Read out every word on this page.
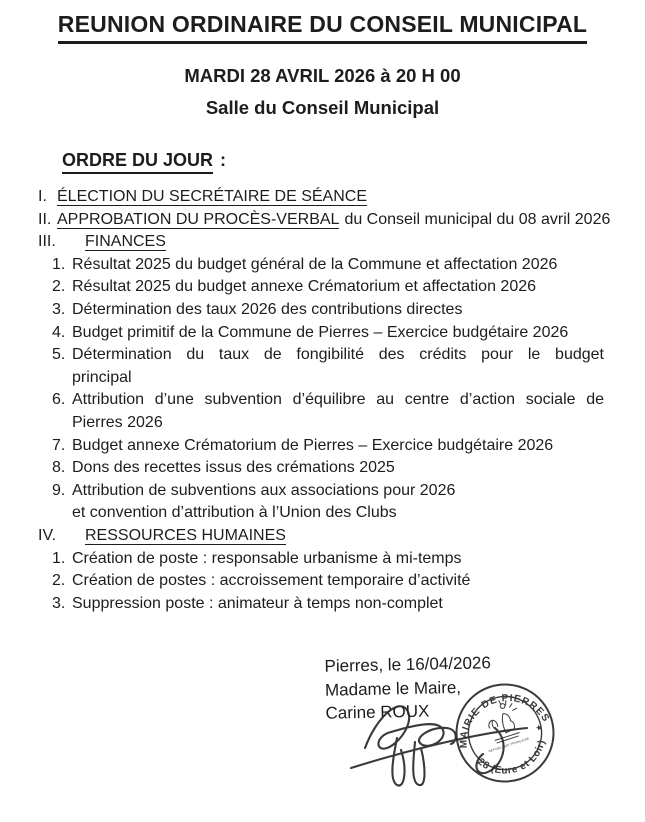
REUNION ORDINAIRE DU CONSEIL MUNICIPAL
MARDI 28 AVRIL 2026 à 20 H 00
Salle du Conseil Municipal
ORDRE DU JOUR :
I. ÉLECTION DU SECRÉTAIRE DE SÉANCE
II. APPROBATION DU PROCÈS-VERBAL du Conseil municipal du 08 avril 2026
III.	FINANCES
1. Résultat 2025 du budget général de la Commune et affectation 2026
2. Résultat 2025 du budget annexe Crématorium et affectation 2026
3. Détermination des taux 2026 des contributions directes
4. Budget primitif de la Commune de Pierres – Exercice budgétaire 2026
5. Détermination du taux de fongibilité des crédits pour le budget
principal
6. Attribution d’une subvention d’équilibre au centre d’action sociale de
Pierres 2026
7. Budget annexe Crématorium de Pierres – Exercice budgétaire 2026
8. Dons des recettes issus des crémations 2025
9. Attribution de subventions aux associations pour 2026
et convention d’attribution à l’Union des Clubs
IV.	RESSOURCES HUMAINES
1. Création de poste : responsable urbanisme à mi-temps
2. Création de postes : accroissement temporaire d’activité
3. Suppression poste : animateur à temps non-complet
Pierres, le 16/04/2026
Madame le Maire,
Carine ROUX
MAIRIE DE PIERRES
28 (Eure et Loir)
★
RÉPUBLIQUE FRANÇAISE
